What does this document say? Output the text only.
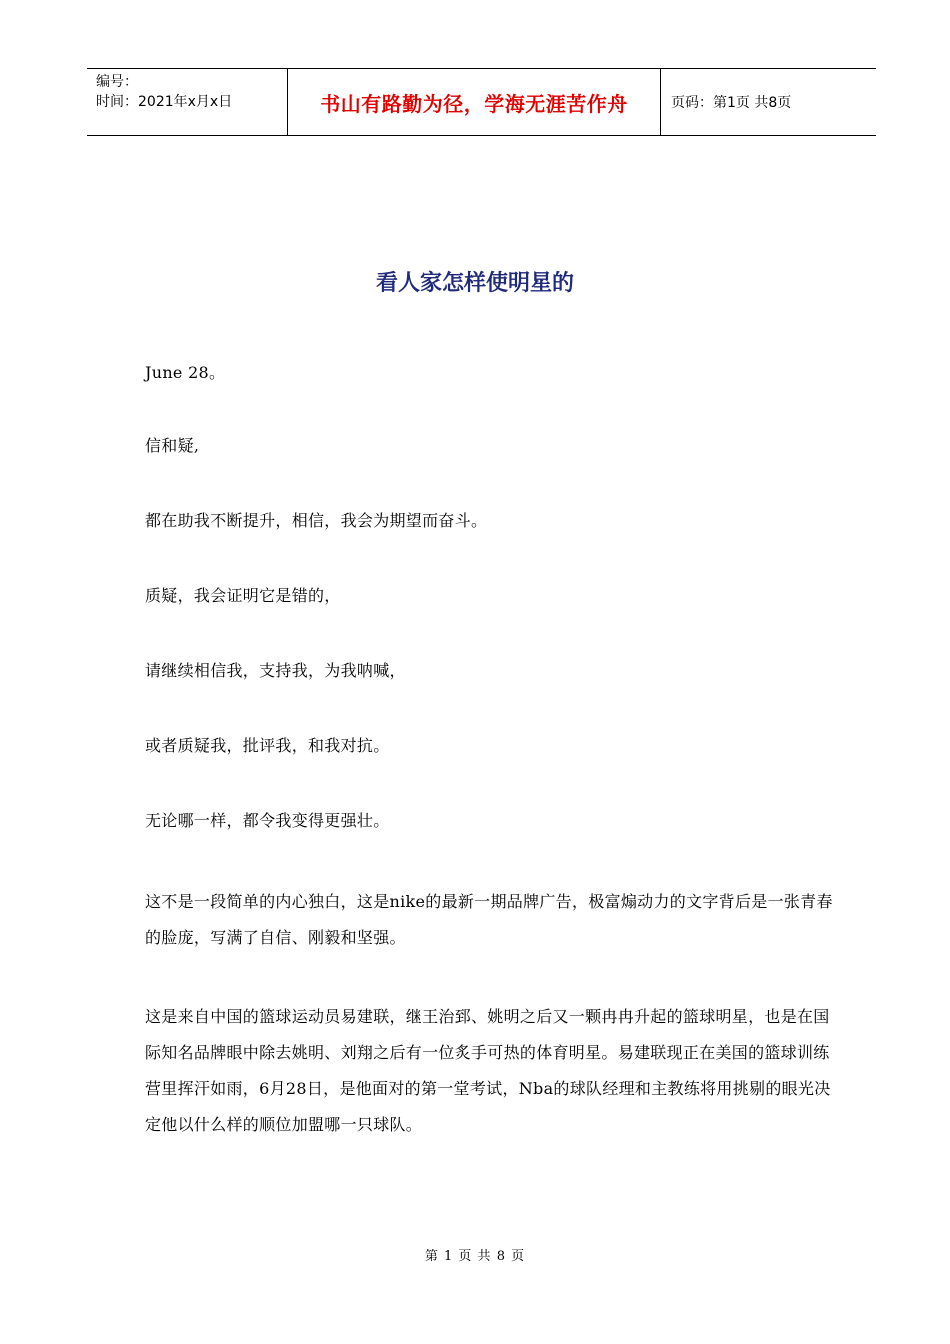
编号：
时间：2021年x月x日	书山有路勤为径，学海无涯苦作舟	页码：第1页 共8页
看人家怎样使明星的
June 28。
信和疑,
都在助我不断提升，相信，我会为期望而奋斗。
质疑，我会证明它是错的，
请继续相信我，支持我，为我呐喊，
或者质疑我，批评我，和我对抗。
无论哪一样，都令我变得更强壮。
这不是一段简单的内心独白，这是nike的最新一期品牌广告，极富煽动力的文字背后是一张青春的脸庞，写满了自信、刚毅和坚强。
这是来自中国的篮球运动员易建联，继王治郅、姚明之后又一颗冉冉升起的篮球明星，也是在国际知名品牌眼中除去姚明、刘翔之后有一位炙手可热的体育明星。易建联现正在美国的篮球训练营里挥汗如雨，6月28日，是他面对的第一堂考试，Nba的球队经理和主教练将用挑剔的眼光决定他以什么样的顺位加盟哪一只球队。
第 1 页 共 8 页
